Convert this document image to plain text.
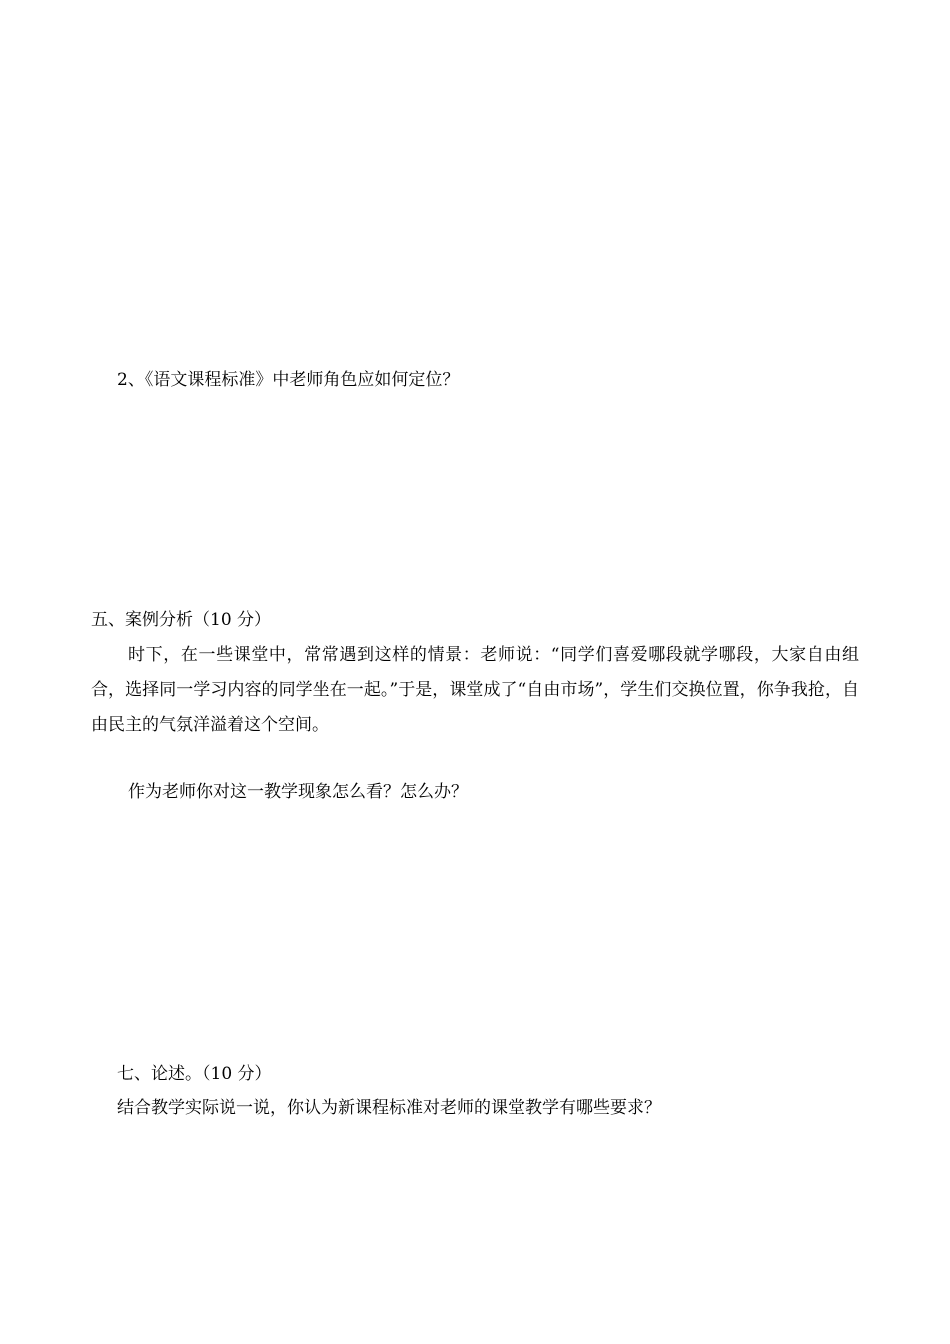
2、《语文课程标准》中老师角色应如何定位？
五、案例分析（10 分）
时下，在一些课堂中，常常遇到这样的情景：老师说：“同学们喜爱哪段就学哪段，大家自由组合，选择同一学习内容的同学坐在一起。”于是，课堂成了“自由市场”，学生们交换位置，你争我抢，自由民主的气氛洋溢着这个空间。
作为老师你对这一教学现象怎么看？怎么办？
七、论述。（10 分）
结合教学实际说一说，你认为新课程标准对老师的课堂教学有哪些要求？
